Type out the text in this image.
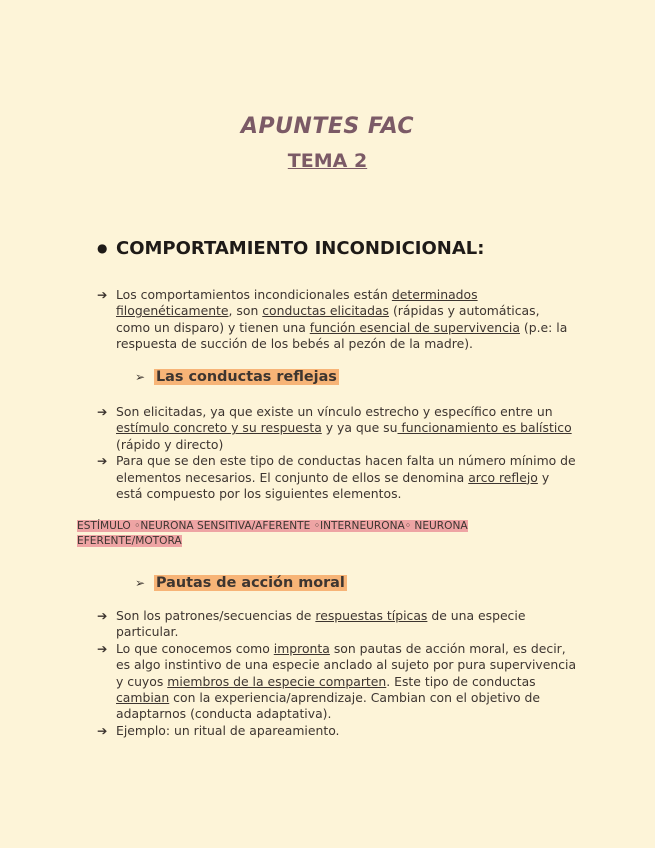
APUNTES FAC
TEMA 2
● COMPORTAMIENTO INCONDICIONAL:
➔ Los comportamientos incondicionales están determinados filogenéticamente, son conductas elicitadas (rápidas y automáticas, como un disparo) y tienen una función esencial de supervivencia (p.e: la respuesta de succión de los bebés al pezón de la madre).
➢ Las conductas reflejas
➔ Son elicitadas, ya que existe un vínculo estrecho y específico entre un estímulo concreto y su respuesta y ya que su funcionamiento es balístico (rápido y directo)
➔ Para que se den este tipo de conductas hacen falta un número mínimo de elementos necesarios. El conjunto de ellos se denomina arco reflejo y está compuesto por los siguientes elementos.

ESTÍMULO ◦NEURONA SENSITIVA/AFERENTE ◦INTERNEURONA◦ NEURONA EFERENTE/MOTORA

➢ Pautas de acción moral
➔ Son los patrones/secuencias de respuestas típicas de una especie particular.
➔ Lo que conocemos como impronta son pautas de acción moral, es decir, es algo instintivo de una especie anclado al sujeto por pura supervivencia y cuyos miembros de la especie comparten. Este tipo de conductas cambian con la experiencia/aprendizaje. Cambian con el objetivo de adaptarnos (conducta adaptativa).
➔ Ejemplo: un ritual de apareamiento.
